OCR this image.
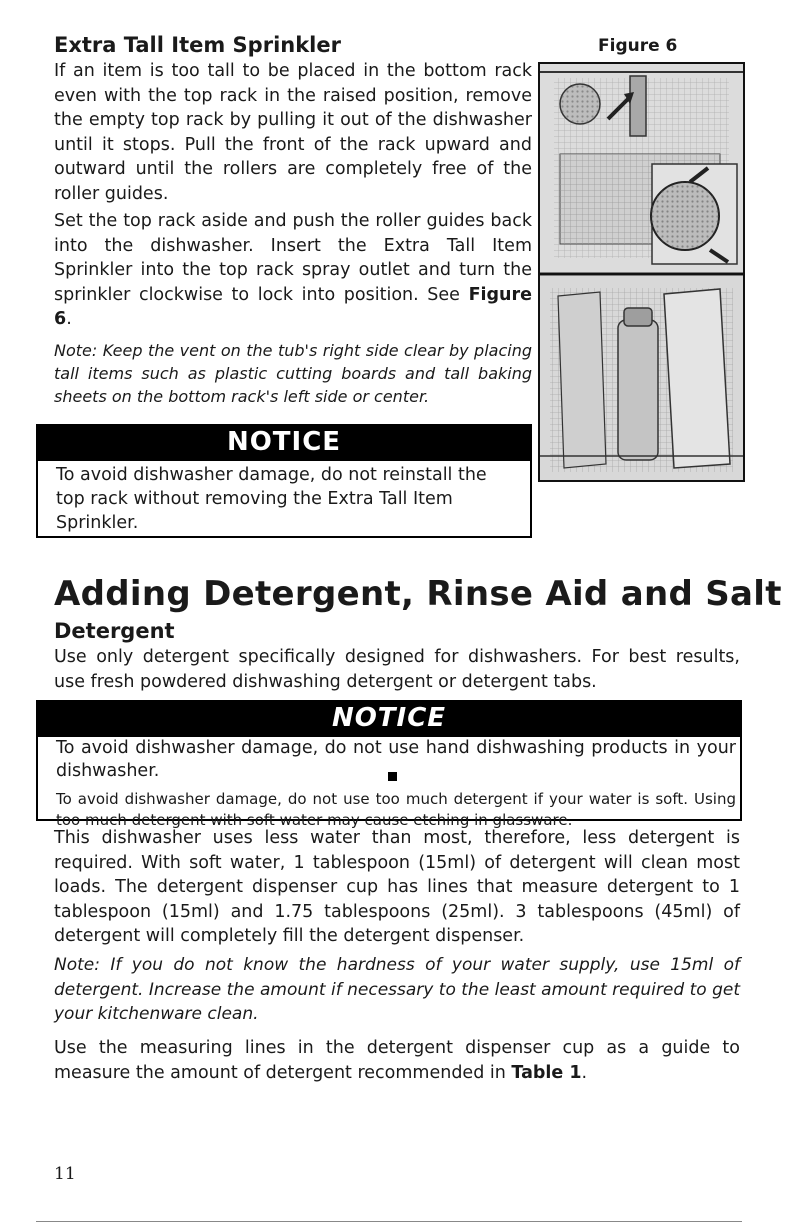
Extra Tall Item Sprinkler

If an item is too tall to be placed in the bottom rack even with the top rack in the raised position, remove the empty top rack by pulling it out of the dishwasher until it stops. Pull the front of the rack upward and outward until the rollers are completely free of the roller guides.

Set the top rack aside and push the roller guides back into the dishwasher. Insert the Extra Tall Item Sprinkler into the top rack spray outlet and turn the sprinkler clockwise to lock into position. See Figure 6.

Note: Keep the vent on the tub's right side clear by placing tall items such as plastic cutting boards and tall baking sheets on the bottom rack's left side or center.

NOTICE

To avoid dishwasher damage, do not reinstall the top rack without removing the Extra Tall Item Sprinkler.

Figure 6
Adding Detergent, Rinse Aid and Salt
Detergent

Use only detergent specifically designed for dishwashers. For best results, use fresh powdered dishwashing detergent or detergent tabs.

NOTICE

To avoid dishwasher damage, do not use hand dishwashing products in your dishwasher.

To avoid dishwasher damage, do not use too much detergent if your water is soft. Using too much detergent with soft water may cause etching in glassware.

This dishwasher uses less water than most, therefore, less detergent is required. With soft water, 1 tablespoon (15ml) of detergent will clean most loads. The detergent dispenser cup has lines that measure detergent to 1 tablespoon (15ml) and 1.75 tablespoons (25ml). 3 tablespoons (45ml) of detergent will completely fill the detergent dispenser.

Note: If you do not know the hardness of your water supply, use 15ml of detergent. Increase the amount if necessary to the least amount required to get your kitchenware clean.

Use the measuring lines in the detergent dispenser cup as a guide to measure the amount of detergent recommended in Table 1.

11
